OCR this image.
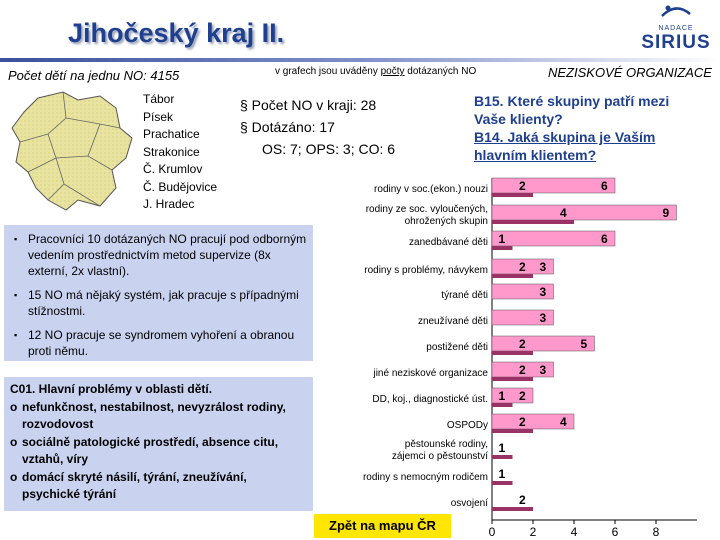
Jihočeský kraj II.	NADACE
SIRIUS
Počet dětí na jednu NO: 4155	v grafech jsou uváděny počty dotázaných NO	NEZISKOVÉ ORGANIZACE
Tábor
Písek
Prachatice
Strakonice
Č. Krumlov
Č. Budějovice
J. Hradec
§ Počet NO v kraji: 28
§ Dotázáno: 17
OS: 7; OPS: 3; CO: 6
B15. Které skupiny patří mezi
Vaše klienty?
B14. Jaká skupina je Vaším
hlavním klientem?
▪ Pracovníci 10 dotázaných NO pracují pod odborným vedením prostřednictvím metod supervize (8x externí, 2x vlastní).
▪ 15 NO má nějaký systém, jak pracuje s případnými stížnostmi.
▪ 12 NO pracuje se syndromem vyhoření a obranou proti němu.
C01. Hlavní problémy v oblasti dětí.
o nefunkčnost, nestabilnost, nevyzrálost rodiny, rozvodovost
o sociálně patologické prostředí, absence citu, vztahů, víry
o domácí skryté násilí, týrání, zneužívání, psychické týrání
Zpět na mapu ČR
rodiny v soc.(ekon.) nouzi	6
2
rodiny ze soc. vyloučených, ohrožených skupin
9
4
zanedbávané děti	6
1
rodiny s problémy, návykem	3
2
týrané děti	3
zneužívané děti	3
postižené děti	5
2
jiné neziskové organizace	3
2
DD, koj., diagnostické úst.	2
1
OSPODy	4
2
pěstounské rodiny, zájemci o pěstounství
1
rodiny s nemocným rodičem 1
osvojení	2
0	2	4	6	8
